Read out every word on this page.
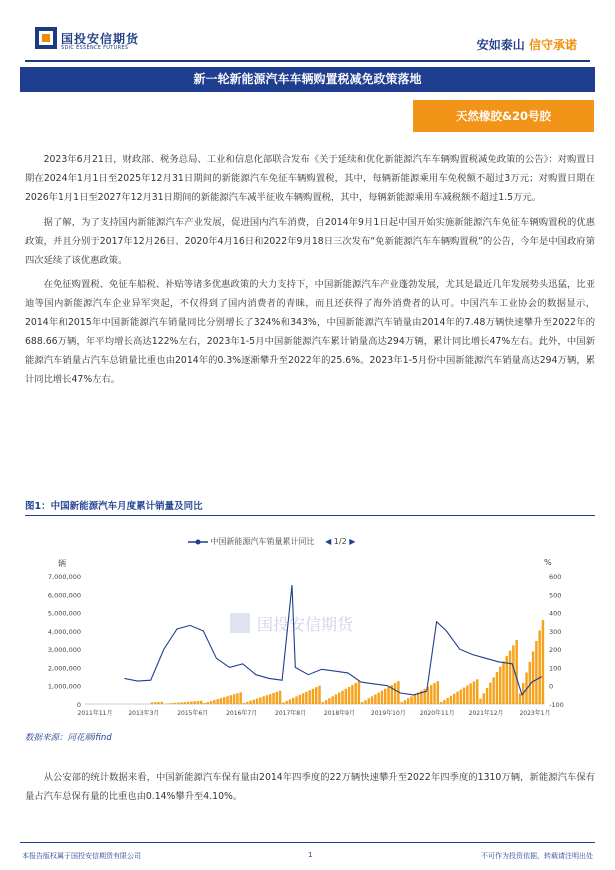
国投安信期货
SDIC ESSENCE FUTURES	安如泰山 信守承诺
新一轮新能源汽车车辆购置税减免政策落地
天然橡胶&20号胶

2023年6月21日，财政部、税务总局、工业和信息化部联合发布《关于延续和优化新能源汽车车辆购置税减免政策的公告》：对购置日期在2024年1月1日至2025年12月31日期间的新能源汽车免征车辆购置税，其中，每辆新能源乘用车免税额不超过3万元；对购置日期在2026年1月1日至2027年12月31日期间的新能源汽车减半征收车辆购置税，其中，每辆新能源乘用车减税额不超过1.5万元。

据了解，为了支持国内新能源汽车产业发展，促进国内汽车消费，自2014年9月1日起中国开始实施新能源汽车免征车辆购置税的优惠政策，并且分别于2017年12月26日、2020年4月16日和2022年9月18日三次发布“免新能源汽车车辆购置税”的公告，今年是中国政府第四次延续了该优惠政策。

在免征购置税、免征车船税、补贴等诸多优惠政策的大力支持下，中国新能源汽车产业蓬勃发展，尤其是最近几年发展势头迅猛，比亚迪等国内新能源汽车企业异军突起，不仅得到了国内消费者的青睐，而且还获得了海外消费者的认可。中国汽车工业协会的数据显示，2014年和2015年中国新能源汽车销量同比分别增长了324%和343%，中国新能源汽车销量由2014年的7.48万辆快速攀升至2022年的688.66万辆，年平均增长高达122%左右，2023年1-5月中国新能源汽车累计销量高达294万辆，累计同比增长47%左右。此外，中国新能源汽车销量占汽车总销量比重也由2014年的0.3%逐渐攀升至2022年的25.6%。2023年1-5月份中国新能源汽车销量高达294万辆，累计同比增长47%左右。

图1：中国新能源汽车月度累计销量及同比
中国新能源汽车销量累计同比 ◀ 1/2 ▶
辆	%
国投安信期货
0
1,000,000
2,000,000
3,000,000
4,000,000
5,000,000
6,000,000
7,000,000
-100
0
100
200
300
400
500
600
2011年11月	2013年3月	2015年6月	2016年7月	2017年8月	2018年9月	2019年10月 2020年11月 2021年12月	2023年1月
数据来源：同花顺ifind

从公安部的统计数据来看，中国新能源汽车保有量由2014年四季度的22万辆快速攀升至2022年四季度的1310万辆，新能源汽车保有量占汽车总保有量的比重也由0.14%攀升至4.10%。

本报告版权属于国投安信期货有限公司	1	不可作为投资依据，转载请注明出处
